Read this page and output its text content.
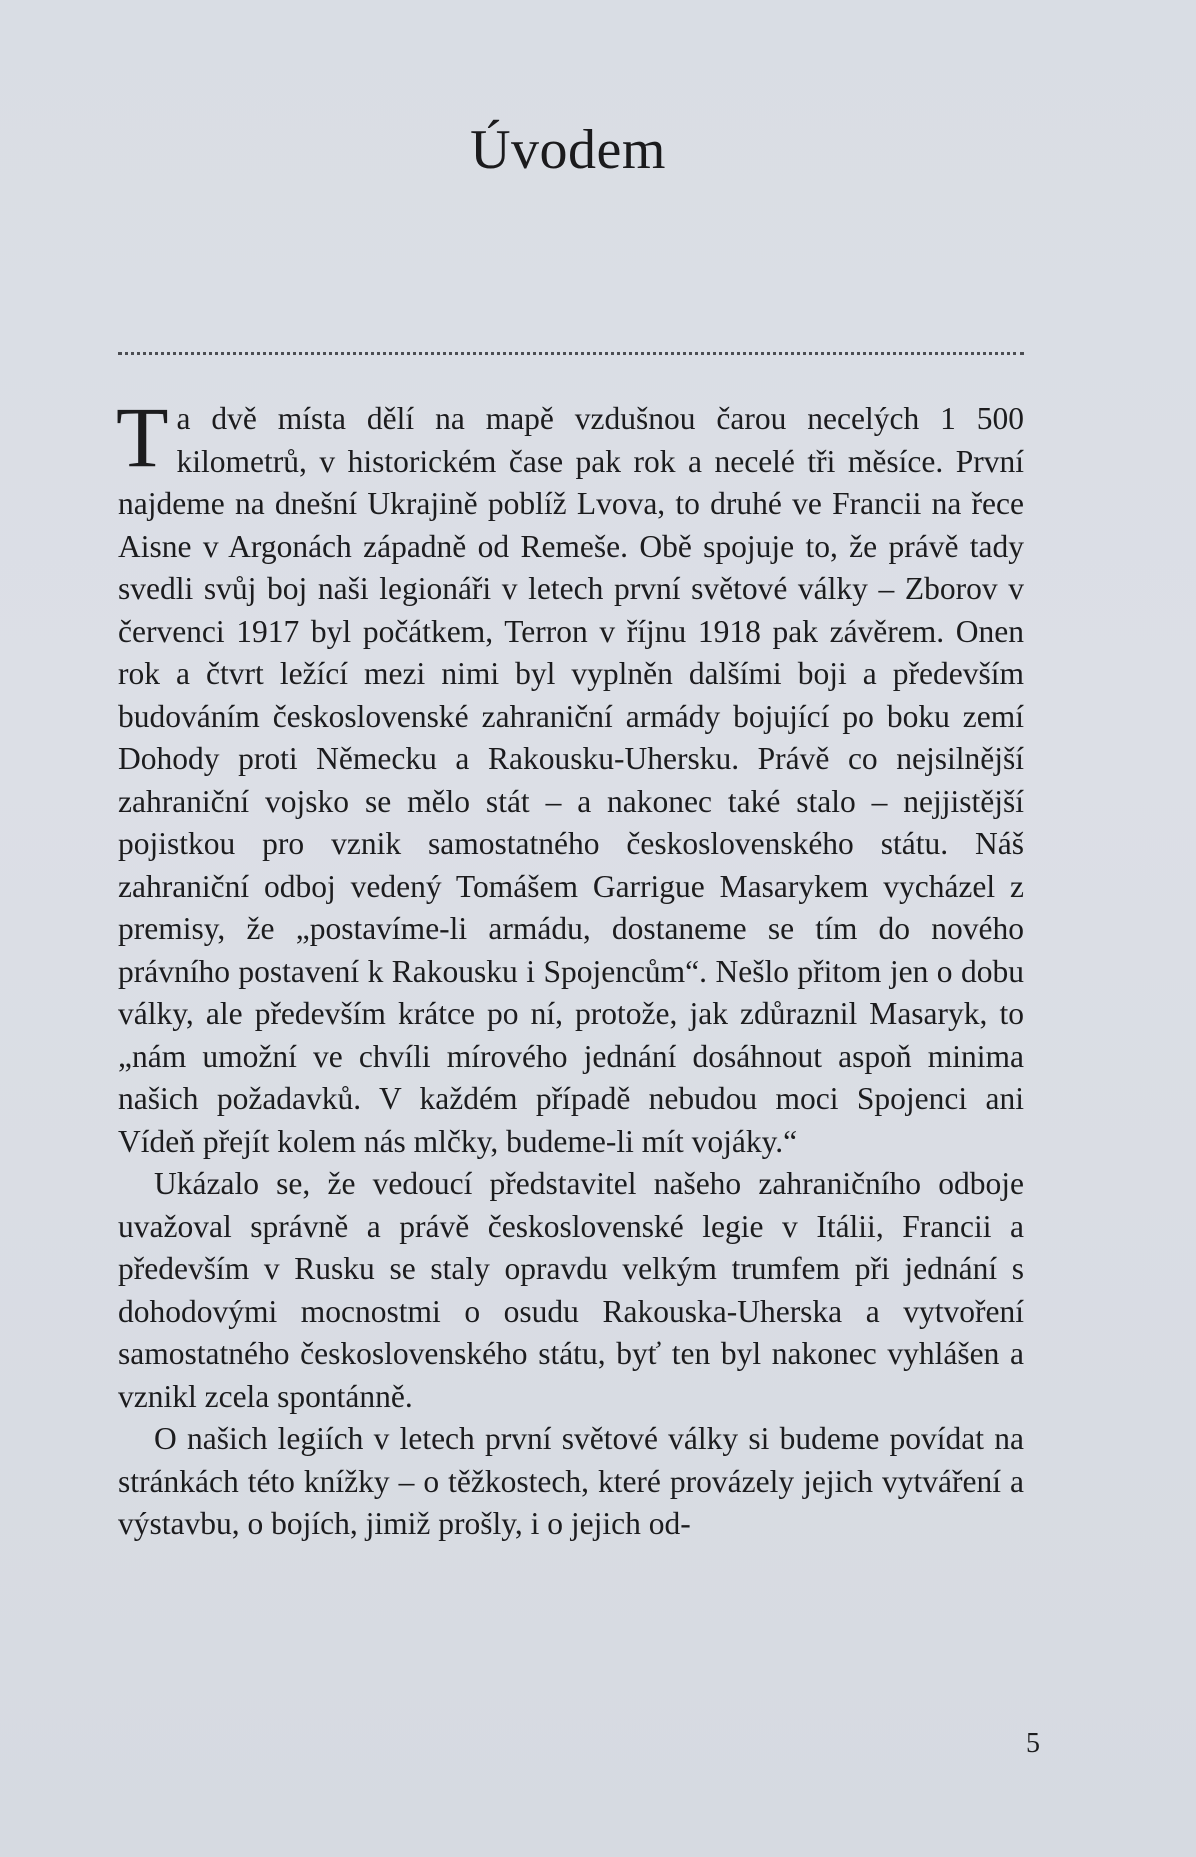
Úvodem

Ta dvě místa dělí na mapě vzdušnou čarou necelých 1 500 kilometrů, v historickém čase pak rok a necelé tři měsíce. První najdeme na dnešní Ukrajině poblíž Lvova, to druhé ve Francii na řece Aisne v Argonách západně od Remeše. Obě spojuje to, že právě tady svedli svůj boj naši legionáři v letech první světové války – Zborov v červenci 1917 byl počátkem, Terron v říjnu 1918 pak závěrem. Onen rok a čtvrt ležící mezi nimi byl vyplněn dalšími boji a především budováním československé zahraniční armády bojující po boku zemí Dohody proti Německu a Rakousku-Uhersku. Právě co nejsilnější zahraniční vojsko se mělo stát – a nakonec také stalo – nejjistější pojistkou pro vznik samostatného československého státu. Náš zahraniční odboj vedený Tomášem Garrigue Masarykem vycházel z premisy, že „postavíme-li armádu, dostaneme se tím do nového právního postavení k Rakousku i Spojencům“. Nešlo přitom jen o dobu války, ale především krátce po ní, protože, jak zdůraznil Masaryk, to „nám umožní ve chvíli mírového jednání dosáhnout aspoň minima našich požadavků. V každém případě nebudou moci Spojenci ani Vídeň přejít kolem nás mlčky, budeme-li mít vojáky.“

Ukázalo se, že vedoucí představitel našeho zahraničního odboje uvažoval správně a právě československé legie v Itálii, Francii a především v Rusku se staly opravdu velkým trumfem při jednání s dohodovými mocnostmi o osudu Rakouska-Uherska a vytvoření samostatného československého státu, byť ten byl nakonec vyhlášen a vznikl zcela spontánně.

O našich legiích v letech první světové války si budeme povídat na stránkách této knížky – o těžkostech, které provázely jejich vytváření a výstavbu, o bojích, jimiž prošly, i o jejich od-

5
